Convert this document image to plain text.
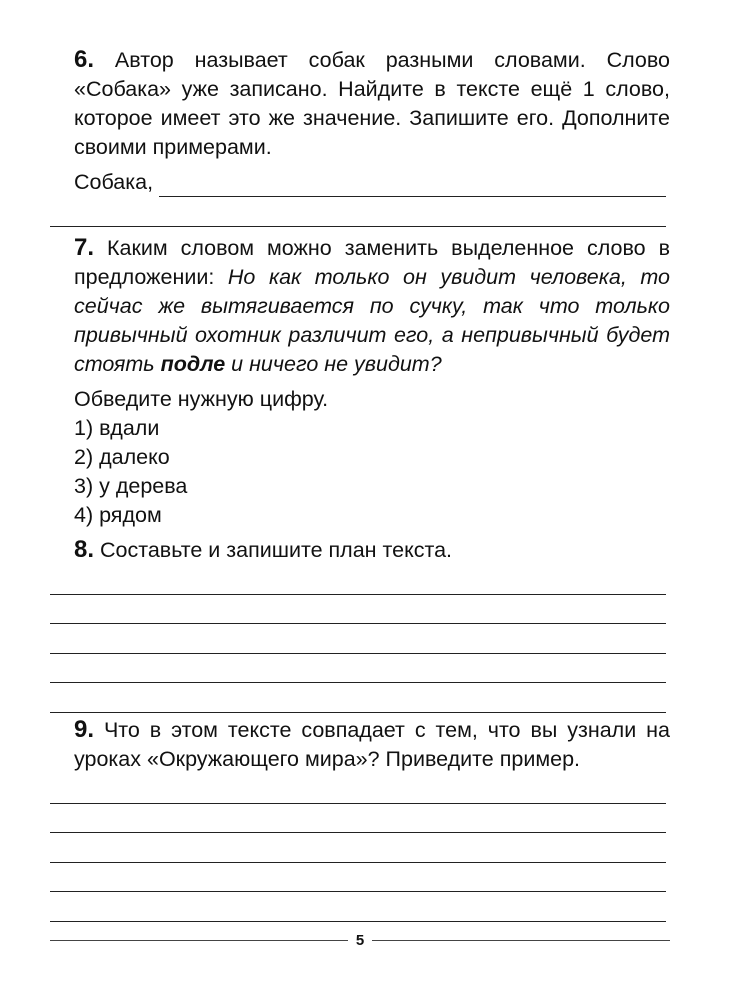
6. Автор называет собак разными словами. Слово «Собака» уже записано. Найдите в тексте ещё 1 слово, которое имеет это же значение. Запишите его. Дополните своими примерами.

Собака,

7. Каким словом можно заменить выделенное слово в предложении: Но как только он увидит человека, то сейчас же вытягивается по сучку, так что только привычный охотник различит его, а непривычный будет стоять подле и ничего не увидит?

Обведите нужную цифру.

1) вдали

2) далеко

3) у дерева

4) рядом

8. Составьте и запишите план текста.

9. Что в этом тексте совпадает с тем, что вы узнали на уроках «Окружающего мира»? Приведите пример.

5
